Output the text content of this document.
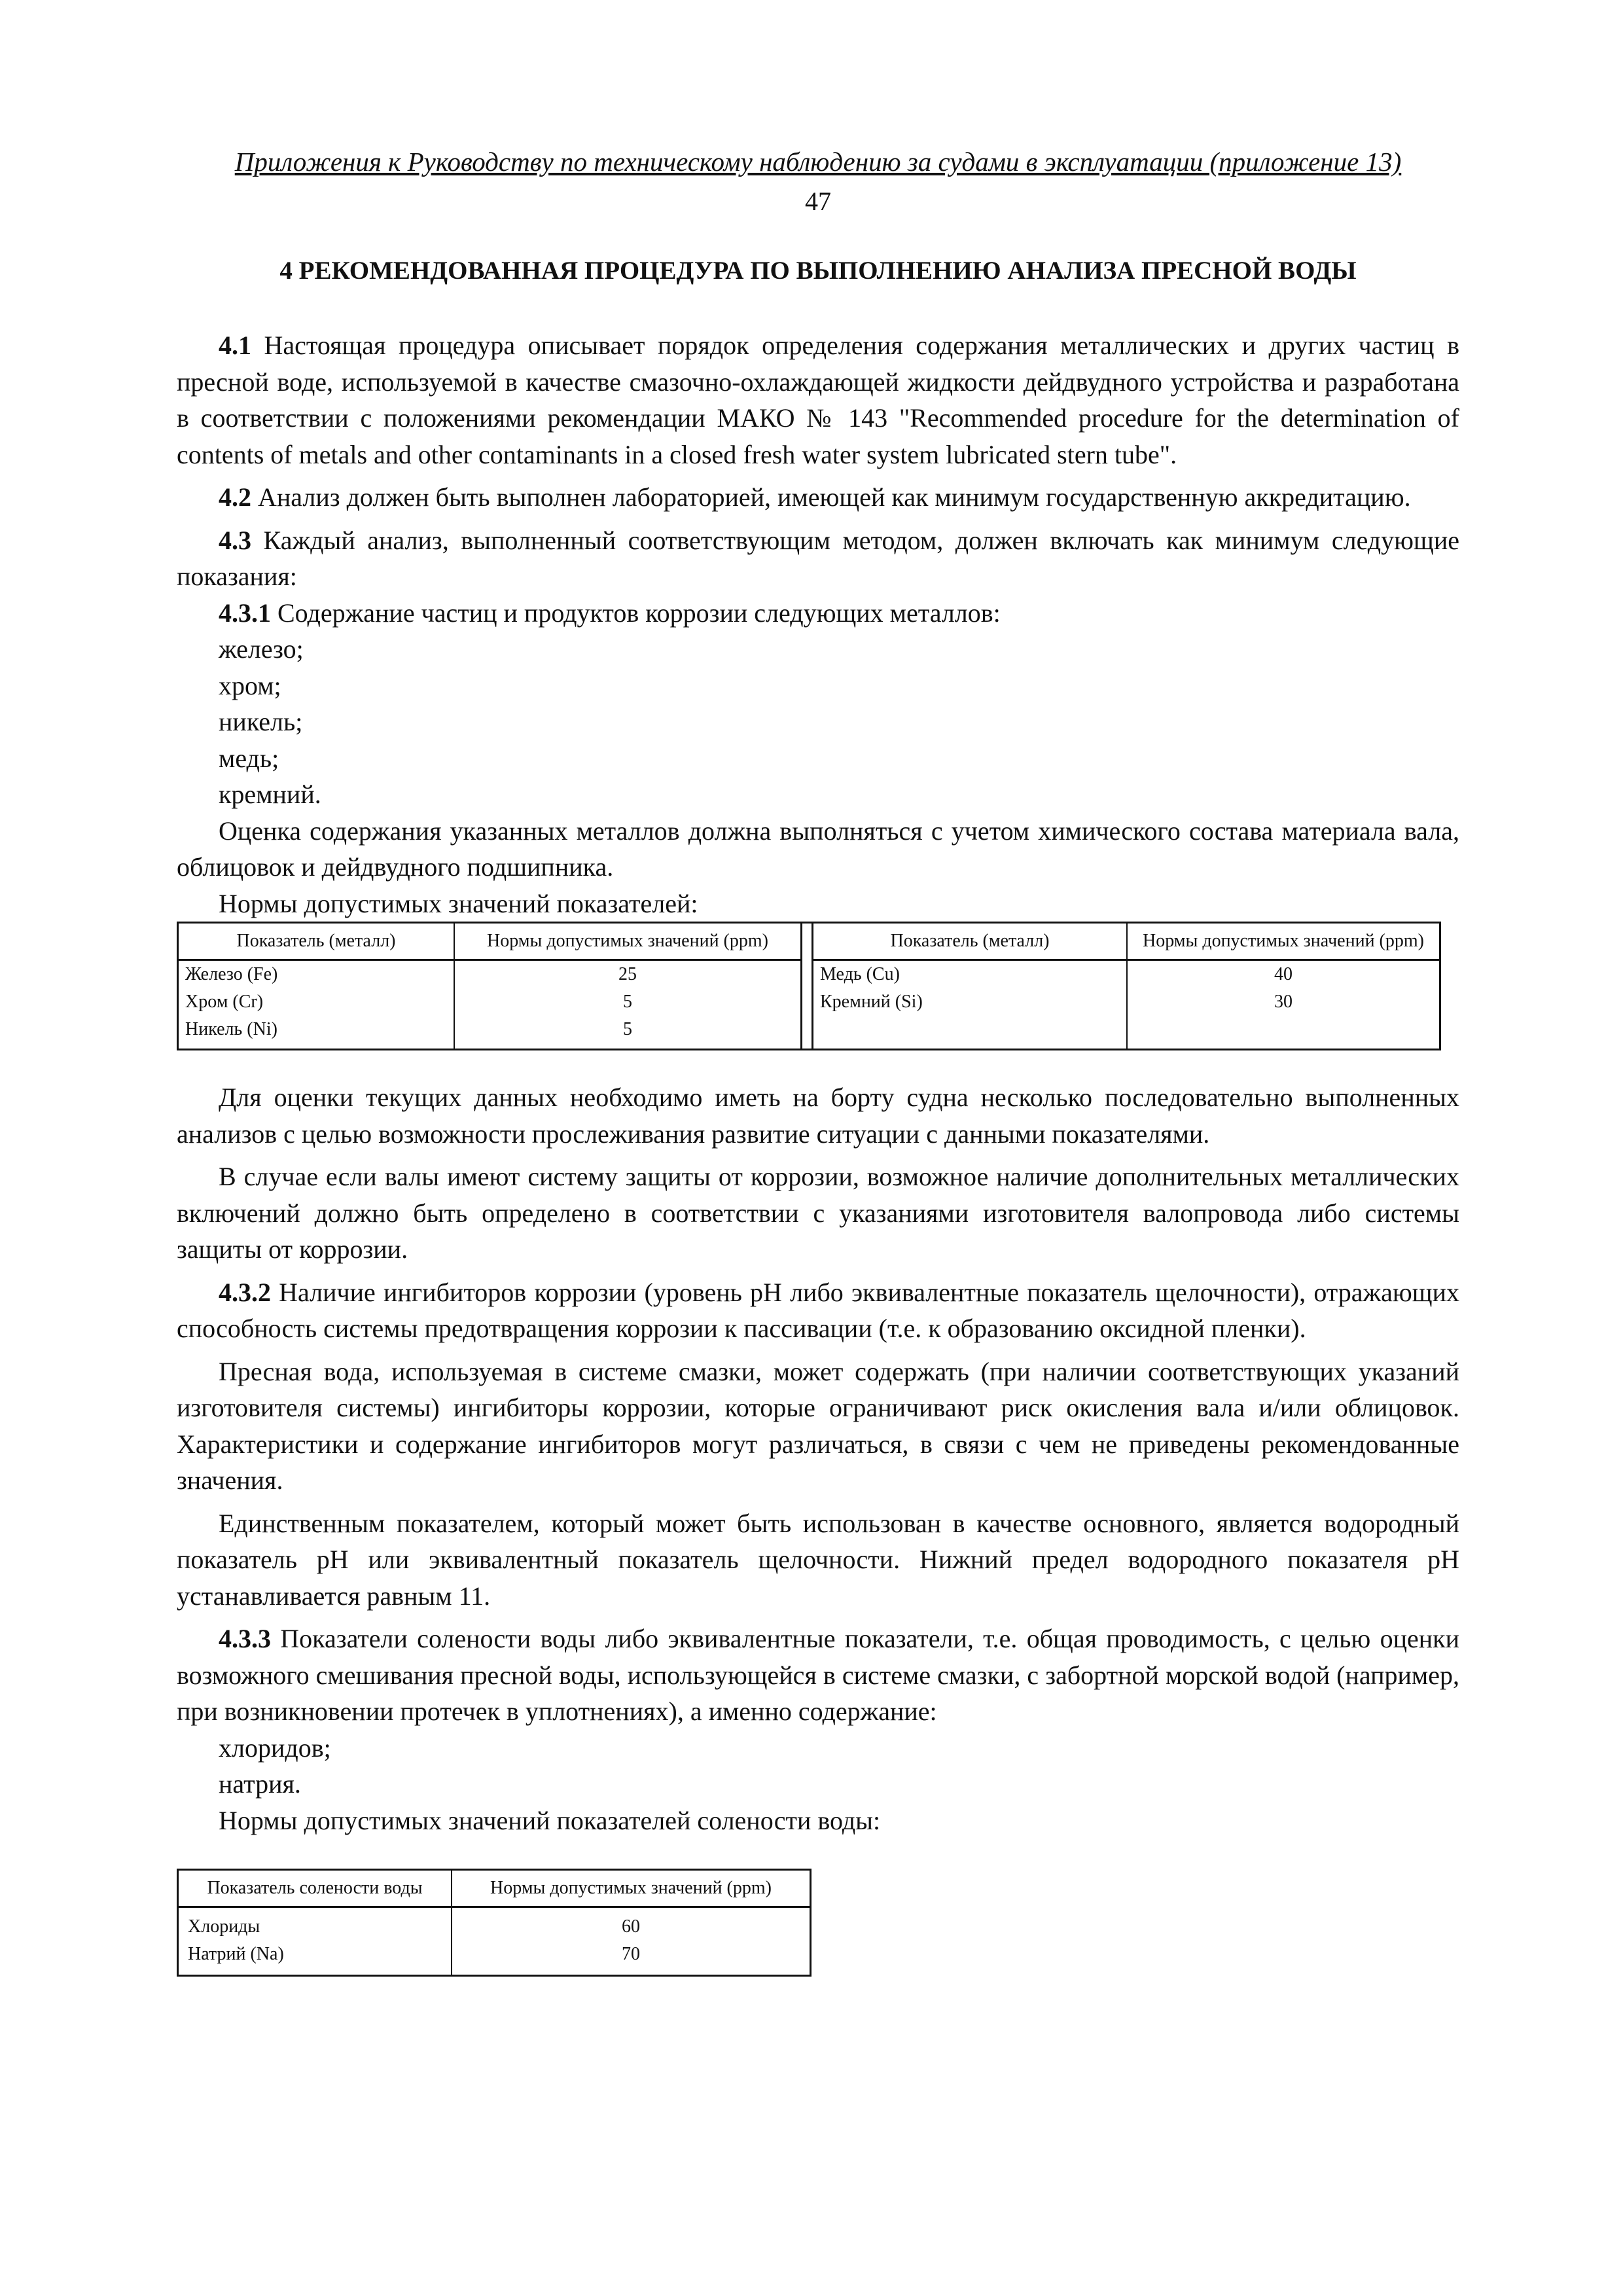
Приложения к Руководству по техническому наблюдению за судами в эксплуатации (приложение 13)
47
4 РЕКОМЕНДОВАННАЯ ПРОЦЕДУРА ПО ВЫПОЛНЕНИЮ АНАЛИЗА ПРЕСНОЙ ВОДЫ

4.1 Настоящая процедура описывает порядок определения содержания металлических и других частиц в пресной воде, используемой в качестве смазочно-охлаждающей жидкости дейдвудного устройства и разработана в соответствии с положениями рекомендации МАКО № 143 "Recommended procedure for the determination of contents of metals and other contaminants in a closed fresh water system lubricated stern tube".

4.2 Анализ должен быть выполнен лабораторией, имеющей как минимум государственную аккредитацию.

4.3 Каждый анализ, выполненный соответствующим методом, должен включать как минимум следующие показания:

4.3.1 Содержание частиц и продуктов коррозии следующих металлов:

железо;

хром;

никель;

медь;

кремний.

Оценка содержания указанных металлов должна выполняться с учетом химического состава материала вала, облицовок и дейдвудного подшипника.

Нормы допустимых значений показателей:

Показатель (металл)	Нормы допустимых значений (ppm)
Железо (Fe)	25
Хром (Cr)	5
Никель (Ni)	5
Показатель (металл)	Нормы допустимых значений (ppm)
Медь (Cu)	40
Кремний (Si)	30

Для оценки текущих данных необходимо иметь на борту судна несколько последовательно выполненных анализов с целью возможности прослеживания развитие ситуации с данными показателями.

В случае если валы имеют систему защиты от коррозии, возможное наличие дополнительных металлических включений должно быть определено в соответствии с указаниями изготовителя валопровода либо системы защиты от коррозии.

4.3.2 Наличие ингибиторов коррозии (уровень pH либо эквивалентные показатель щелочности), отражающих способность системы предотвращения коррозии к пассивации (т.е. к образованию оксидной пленки).

Пресная вода, используемая в системе смазки, может содержать (при наличии соответствующих указаний изготовителя системы) ингибиторы коррозии, которые ограничивают риск окисления вала и/или облицовок. Характеристики и содержание ингибиторов могут различаться, в связи с чем не приведены рекомендованные значения.

Единственным показателем, который может быть использован в качестве основного, является водородный показатель pH или эквивалентный показатель щелочности. Нижний предел водородного показателя pH устанавливается равным 11.

4.3.3 Показатели солености воды либо эквивалентные показатели, т.е. общая проводимость, с целью оценки возможного смешивания пресной воды, использующейся в системе смазки, с забортной морской водой (например, при возникновении протечек в уплотнениях), а именно содержание:

хлоридов;

натрия.

Нормы допустимых значений показателей солености воды:

Показатель солености воды	Нормы допустимых значений (ppm)
Хлориды	60
Натрий (Na)	70
